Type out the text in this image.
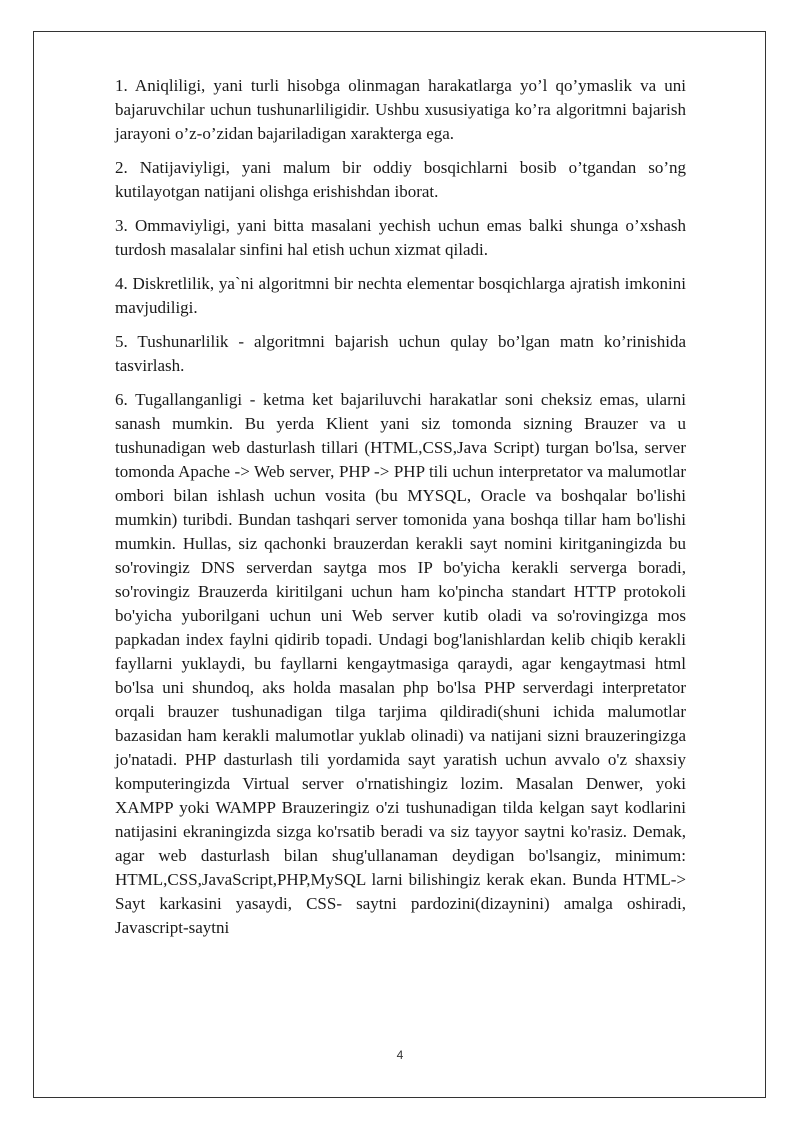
1. Aniqliligi, yani turli hisobga olinmagan harakatlarga yo’l qo’ymaslik va uni bajaruvchilar uchun tushunarliligidir. Ushbu xususiyatiga ko’ra algoritmni bajarish jarayoni o’z-o’zidan bajariladigan xarakterga ega.

2. Natijaviyligi, yani malum bir oddiy bosqichlarni bosib o’tgandan so’ng kutilayotgan natijani olishga erishishdan iborat.

3. Ommaviyligi, yani bitta masalani yechish uchun emas balki shunga o’xshash turdosh masalalar sinfini hal etish uchun xizmat qiladi.

4. Diskretlilik, ya`ni algoritmni bir nechta elementar bosqichlarga ajratish imkonini mavjudiligi.

5. Tushunarlilik - algoritmni bajarish uchun qulay bo’lgan matn ko’rinishida tasvirlash.

6. Tugallanganligi - ketma ket bajariluvchi harakatlar soni cheksiz emas, ularni sanash mumkin. Bu yerda Klient yani siz tomonda sizning Brauzer va u tushunadigan web dasturlash tillari (HTML,CSS,Java Script) turgan bo'lsa, server tomonda Apache -> Web server, PHP -> PHP tili uchun interpretator va malumotlar ombori bilan ishlash uchun vosita (bu MYSQL, Oracle va boshqalar bo'lishi mumkin) turibdi. Bundan tashqari server tomonida yana boshqa tillar ham bo'lishi mumkin. Hullas, siz qachonki brauzerdan kerakli sayt nomini kiritganingizda bu so'rovingiz DNS serverdan saytga mos IP bo'yicha kerakli serverga boradi, so'rovingiz Brauzerda kiritilgani uchun ham ko'pincha standart HTTP protokoli bo'yicha yuborilgani uchun uni Web server kutib oladi va so'rovingizga mos papkadan index faylni qidirib topadi. Undagi bog'lanishlardan kelib chiqib kerakli fayllarni yuklaydi, bu fayllarni kengaytmasiga qaraydi, agar kengaytmasi html bo'lsa uni shundoq, aks holda masalan php bo'lsa PHP serverdagi interpretator orqali brauzer tushunadigan tilga tarjima qildiradi(shuni ichida malumotlar bazasidan ham kerakli malumotlar yuklab olinadi) va natijani sizni brauzeringizga jo'natadi. PHP dasturlash tili yordamida sayt yaratish uchun avvalo o'z shaxsiy komputeringizda Virtual server o'rnatishingiz lozim. Masalan Denwer, yoki XAMPP yoki WAMPP Brauzeringiz o'zi tushunadigan tilda kelgan sayt kodlarini natijasini ekraningizda sizga ko'rsatib beradi va siz tayyor saytni ko'rasiz. Demak, agar web dasturlash bilan shug'ullanaman deydigan bo'lsangiz, minimum: HTML,CSS,JavaScript,PHP,MySQL larni bilishingiz kerak ekan. Bunda HTML-> Sayt karkasini yasaydi, CSS- saytni pardozini(dizaynini) amalga oshiradi, Javascript-saytni

4
